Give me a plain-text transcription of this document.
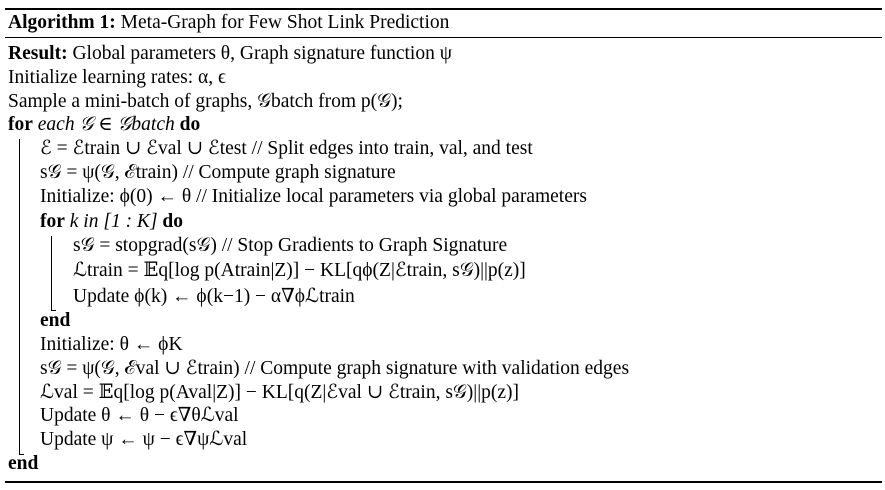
Algorithm 1: Meta-Graph for Few Shot Link Prediction
Result: Global parameters θ, Graph signature function ψ
Initialize learning rates: α, ϵ
Sample a mini-batch of graphs, 𝒢batch from p(𝒢);
for each 𝒢 ∈ 𝒢batch do
ℰ = ℰtrain ∪ ℰval ∪ ℰtest // Split edges into train, val, and test
s𝒢 = ψ(𝒢, ℰtrain) // Compute graph signature
Initialize: ϕ(0) ← θ // Initialize local parameters via global parameters
for k in [1 : K] do
s𝒢 = stopgrad(s𝒢) // Stop Gradients to Graph Signature
ℒtrain = 𝔼q[log p(Atrain|Z)] − KL[qϕ(Z|ℰtrain, s𝒢)||p(z)]
Update ϕ(k) ← ϕ(k−1) − α∇ϕℒtrain
end
Initialize: θ ← ϕK
s𝒢 = ψ(𝒢, ℰval ∪ ℰtrain) // Compute graph signature with validation edges
ℒval = 𝔼q[log p(Aval|Z)] − KL[q(Z|ℰval ∪ ℰtrain, s𝒢)||p(z)]
Update θ ← θ − ϵ∇θℒval
Update ψ ← ψ − ϵ∇ψℒval
end
